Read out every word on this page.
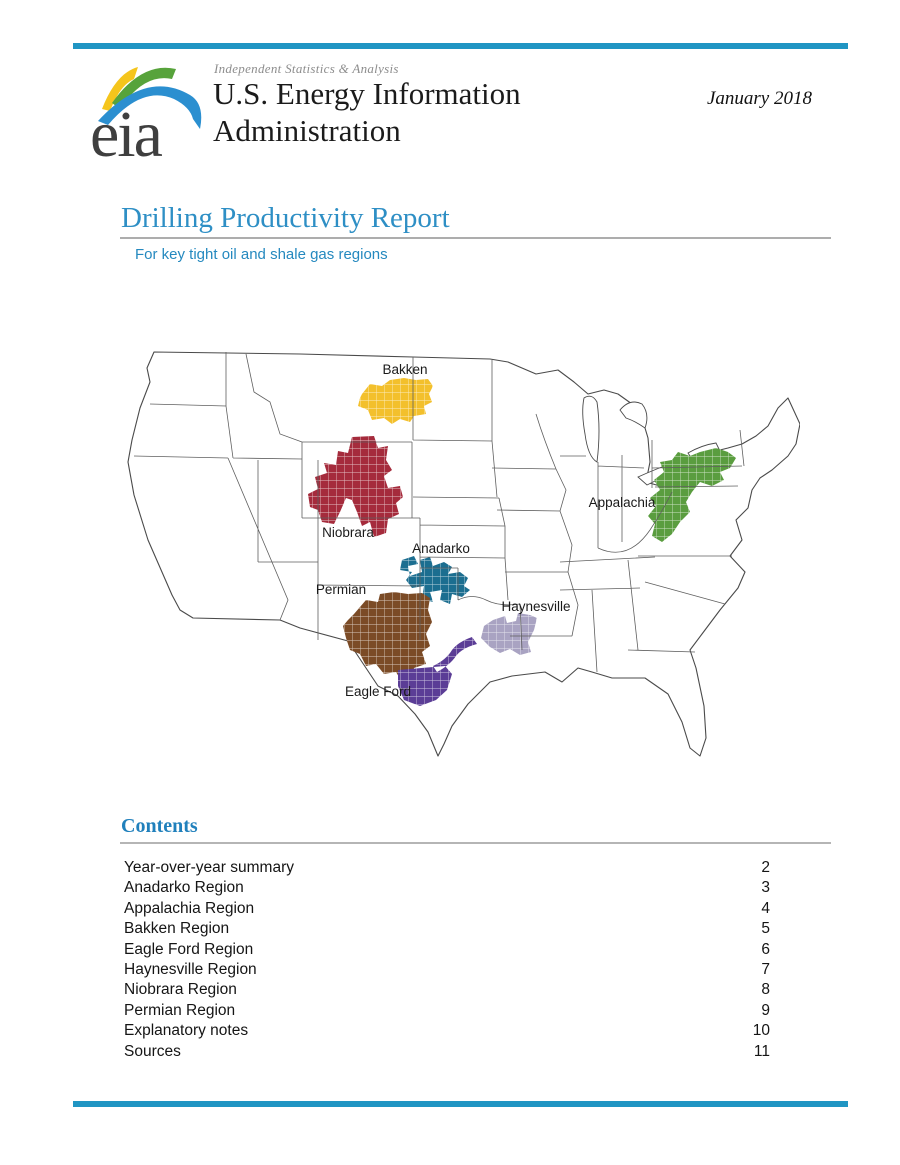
eia
Independent Statistics & Analysis
U.S. Energy Information
Administration
January 2018
Drilling Productivity Report
For key tight oil and shale gas regions
Bakken
Niobrara
Anadarko
Permian
Eagle Ford
Haynesville
Appalachia
Contents
Year-over-year summary	2
Anadarko Region	3
Appalachia Region	4
Bakken Region	5
Eagle Ford Region	6
Haynesville Region	7
Niobrara Region	8
Permian Region	9
Explanatory notes	10
Sources	11
